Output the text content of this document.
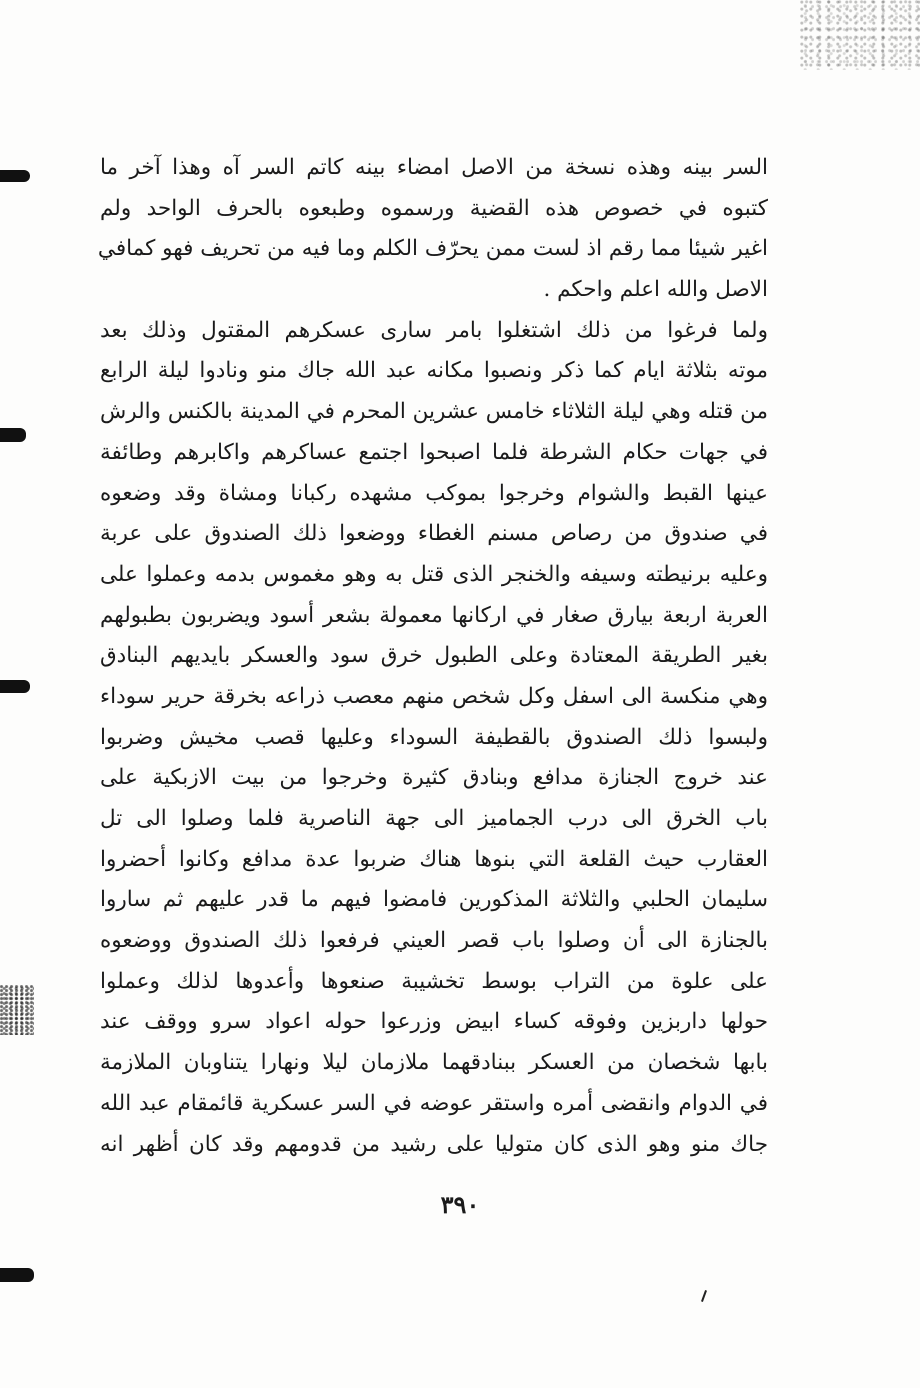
السر بينه وهذه نسخة من الاصل امضاء بينه كاتم السر آه وهذا آخر ما
كتبوه في خصوص هذه القضية ورسموه وطبعوه بالحرف الواحد ولم
اغير شيئا مما رقم اذ لست ممن يحرّف الكلم وما فيه من تحريف فهو كمافي
الاصل والله اعلم واحكم .
ولما فرغوا من ذلك اشتغلوا بامر سارى عسكرهم المقتول وذلك بعد
موته بثلاثة ايام كما ذكر ونصبوا مكانه عبد الله جاك منو ونادوا ليلة الرابع
من قتله وهي ليلة الثلاثاء خامس عشرين المحرم في المدينة بالكنس والرش
في جهات حكام الشرطة فلما اصبحوا اجتمع عساكرهم واكابرهم وطائفة
عينها القبط والشوام وخرجوا بموكب مشهده ركبانا ومشاة وقد وضعوه
في صندوق من رصاص مسنم الغطاء ووضعوا ذلك الصندوق على عربة
وعليه برنيطته وسيفه والخنجر الذى قتل به وهو مغموس بدمه وعملوا على
العربة اربعة بيارق صغار في اركانها معمولة بشعر أسود ويضربون بطبولهم
بغير الطريقة المعتادة وعلى الطبول خرق سود والعسكر بايديهم البنادق
وهي منكسة الى اسفل وكل شخص منهم معصب ذراعه بخرقة حرير سوداء
ولبسوا ذلك الصندوق بالقطيفة السوداء وعليها قصب مخيش وضربوا
عند خروج الجنازة مدافع وبنادق كثيرة وخرجوا من بيت الازبكية على
باب الخرق الى درب الجماميز الى جهة الناصرية فلما وصلوا الى تل
العقارب حيث القلعة التي بنوها هناك ضربوا عدة مدافع وكانوا أحضروا
سليمان الحلبي والثلاثة المذكورين فامضوا فيهم ما قدر عليهم ثم ساروا
بالجنازة الى أن وصلوا باب قصر العيني فرفعوا ذلك الصندوق ووضعوه
على علوة من التراب بوسط تخشيبة صنعوها وأعدوها لذلك وعملوا
حولها داربزين وفوقه كساء ابيض وزرعوا حوله اعواد سرو ووقف عند
بابها شخصان من العسكر ببنادقهما ملازمان ليلا ونهارا يتناوبان الملازمة
في الدوام وانقضى أمره واستقر عوضه في السر عسكرية قائمقام عبد الله
جاك منو وهو الذى كان متوليا على رشيد من قدومهم وقد كان أظهر انه
٣٩٠
